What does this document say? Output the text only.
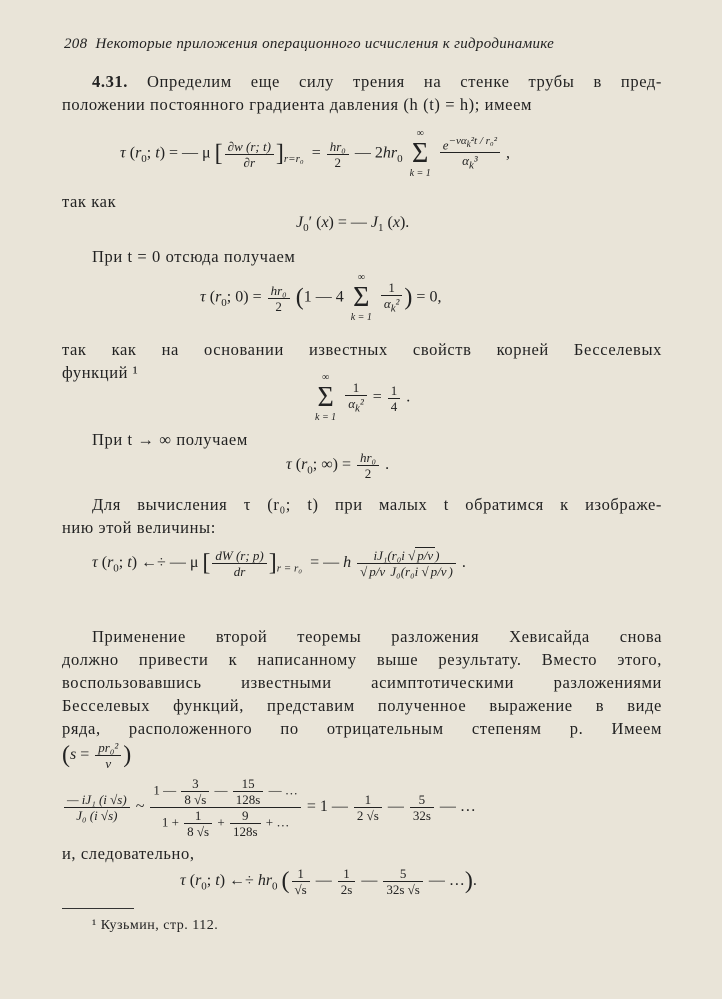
208 Некоторые приложения операционного исчисления к гидродинамике
4.31. Определим еще силу трения на стенке трубы в пред-
положении постоянного градиента давления (h (t) = h); имеем
τ ($r_0$; t) = — μ [ $\frac{\partial w (r; t)}{\partial r} ]_{r=r_0} = \frac{\text{hr₀}}{2}$ — $2hr_0$
∞
Σ
k = 1
$\frac{e^{-\nu\alpha_k^2t / r_0^2}}{\alpha_k^3}$ ,
так как
$J_0'$ (x) = — $J_1$ (x).
При t = 0 отсюда получаем
τ ($r_0$; $0) = \frac{\text{hr₀}}{2} (1$ — 4
∞
Σ
k = 1

$\frac{1}{\alpha_k^2}$ ) = 0,
так как на основании известных свойств корней Бесселевых
функций ¹	∞
Σ
k = 1

$\frac{1}{\alpha_k^2} = \frac{1}{4}$ .
При t → ∞ получаем
τ ($r_0$; ∞) = $\frac{\text{hr₀}}{2}$ .
Для вычисления τ (r₀; t) при малых t обратимся к изображе-
нию этой величины:
τ ($r_0$; t) ←÷ — μ [ $\frac{dW (r; p)}{dr} ]_{r = r_0}$  = — h $\frac{\text{iJ₁(r₀i √ p/ν )}}{\text{√ p/ν J₀(r₀i √ p/ν )}}$ .
Применение второй теоремы разложения Хевисайда снова
должно привести к написанному выше результату. Вместо этого,
воспользовавшись известными асимптотическими разложениями
Бесселевых функций, представим полученное выражение в виде
ряда, расположенного по отрицательным степеням p. Имеем
($s = \frac{\text{pr₀²}}{\nu}$ )
$\frac{\text{— iJ₁ (i √s)}}{\text{J₀ (i √s)}}$ ~ $\frac{1 — \frac{3}{8 √s} — \frac{15}{128s} — \dots}{1 + \frac{1}{8 √s} + \frac{9}{128s} + \dots} = 1$ — $\frac{1}{2 √s}$ — $\frac{5}{32s}$ — …
и, следовательно,
τ ($r_0$; t) ←÷ $hr_0$ ( $\frac{1}{√s}$ — $\frac{1}{2s}$ — $\frac{5}{32s √s}$ — …).
¹ Кузьмин, стр. 112.
